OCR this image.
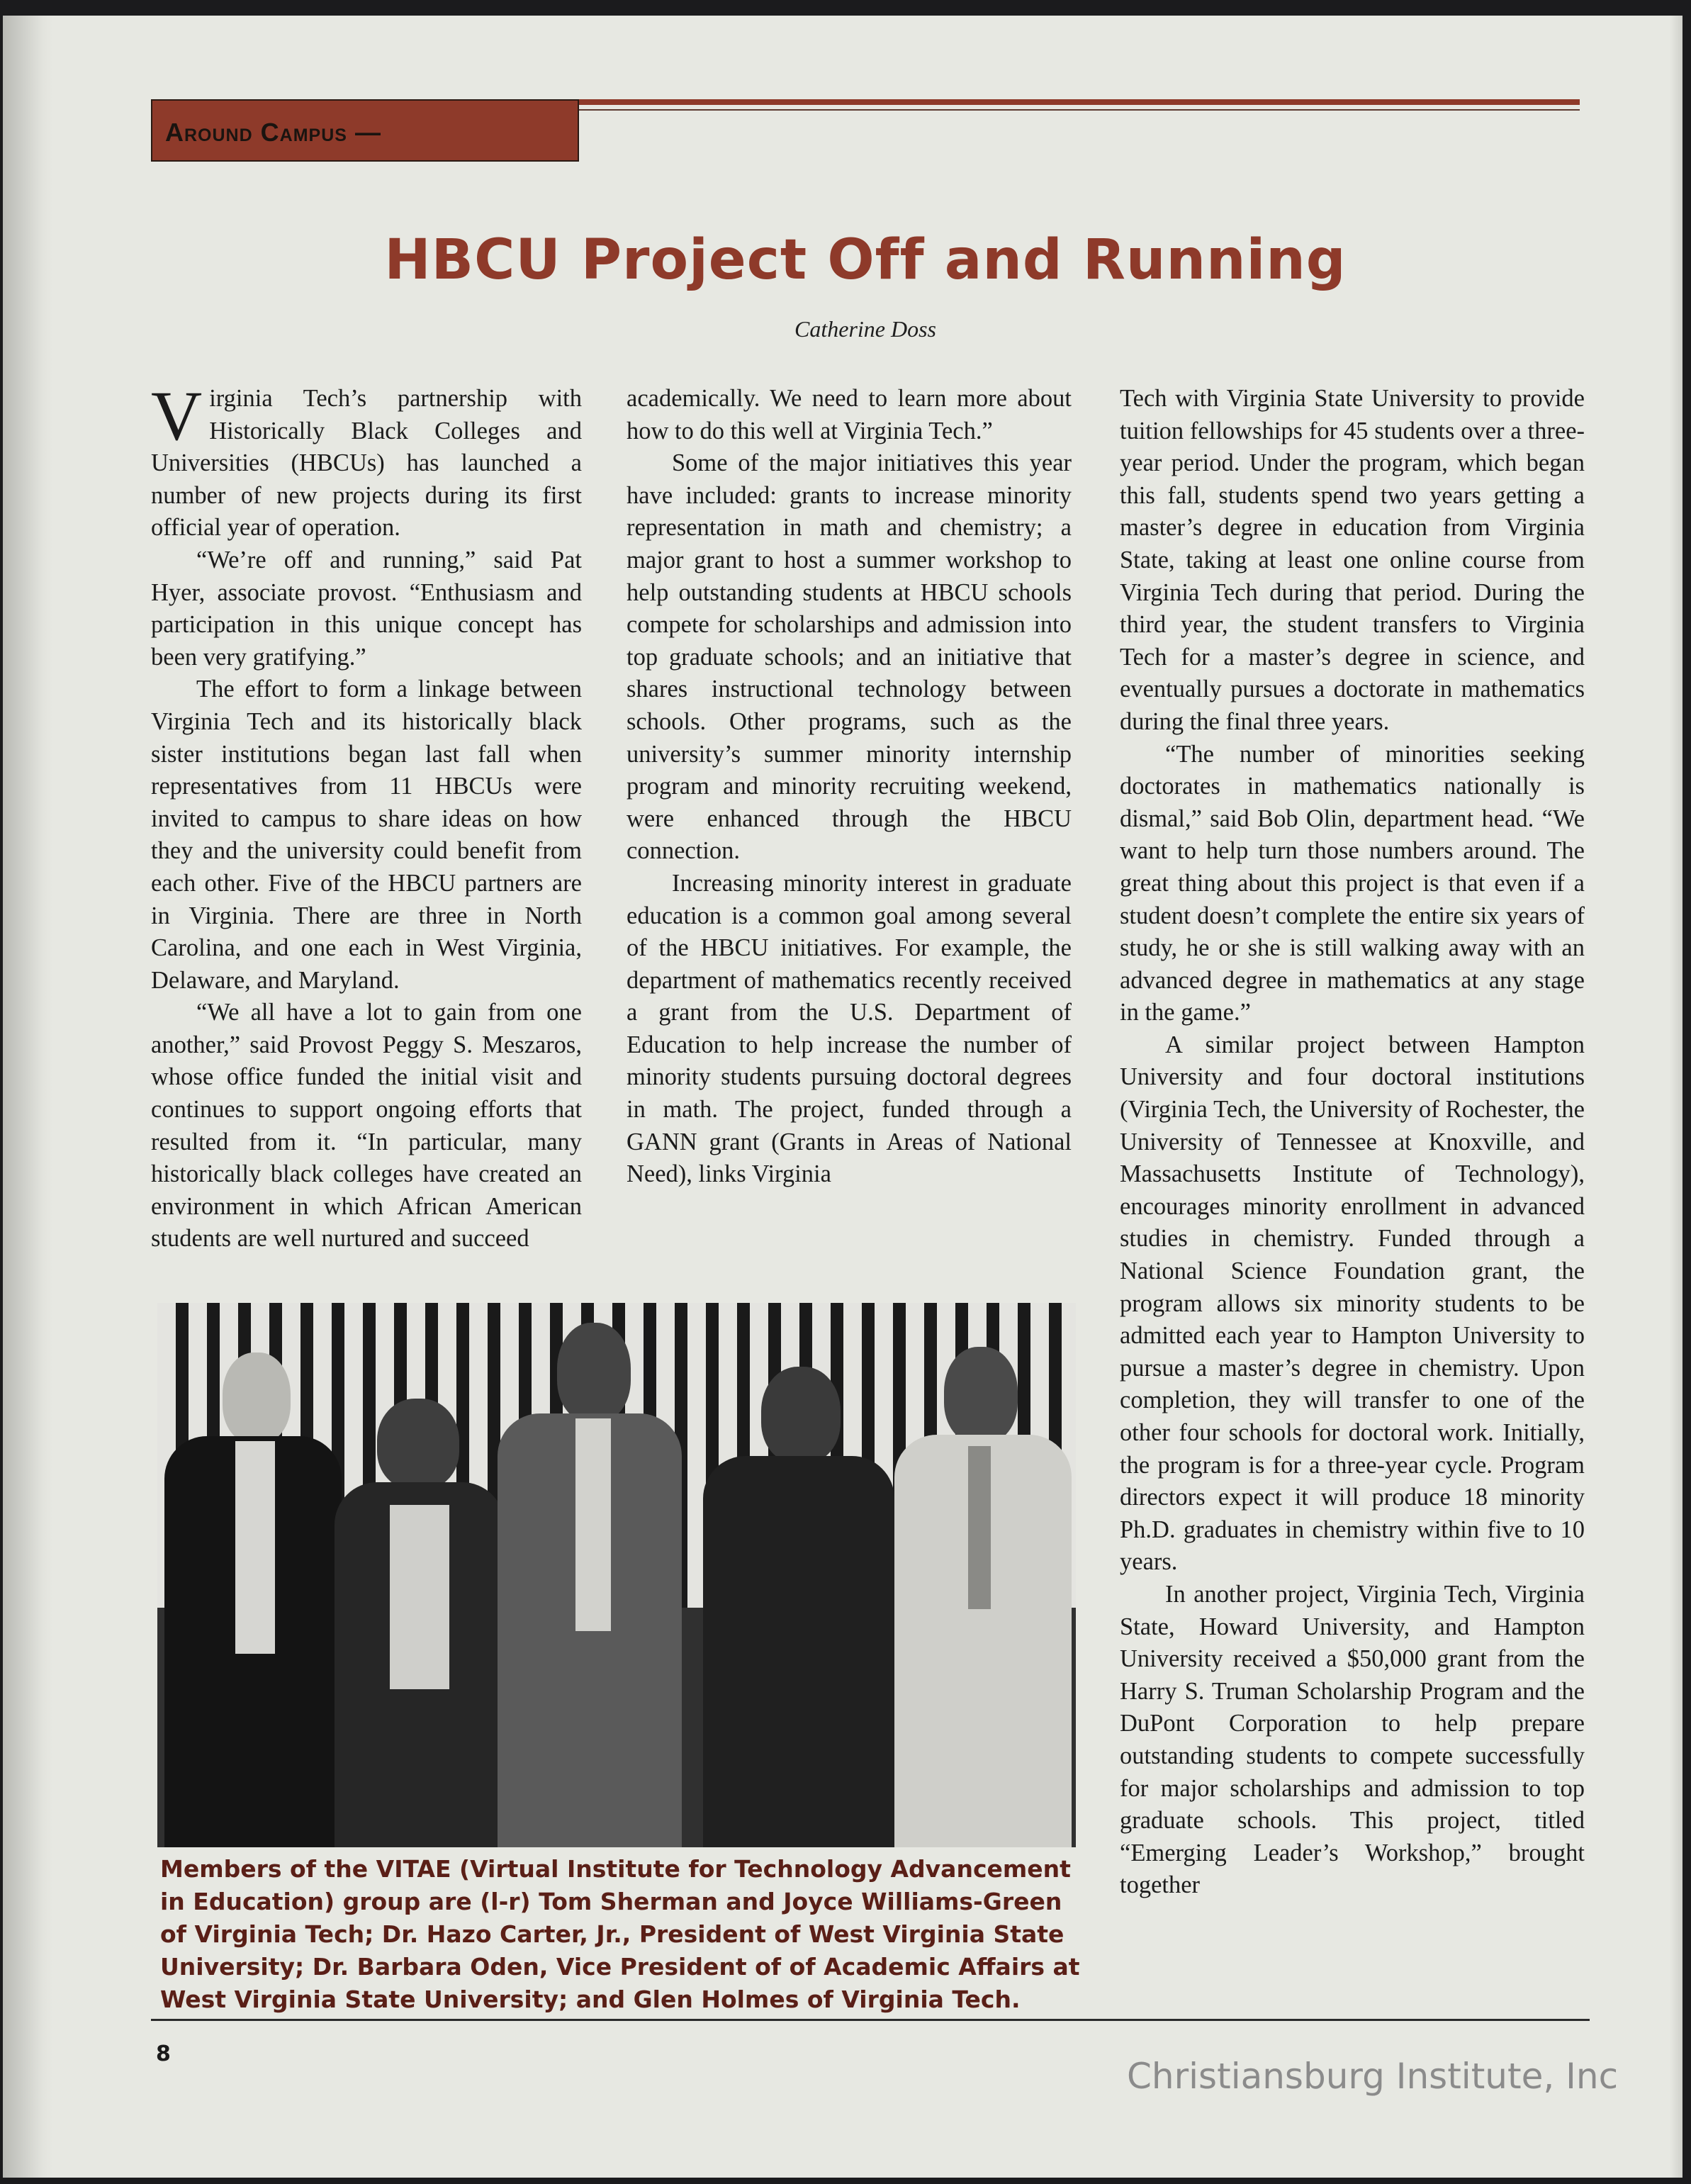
Around Campus —
HBCU Project Off and Running
Catherine Doss

Virginia Tech’s partnership with Historically Black Colleges and Universities (HBCUs) has launched a number of new projects during its first official year of operation.

“We’re off and running,” said Pat Hyer, associate provost. “Enthusiasm and participation in this unique concept has been very gratifying.”

The effort to form a linkage between Virginia Tech and its historically black sister institutions began last fall when representatives from 11 HBCUs were invited to campus to share ideas on how they and the university could benefit from each other. Five of the HBCU partners are in Virginia. There are three in North Carolina, and one each in West Virginia, Delaware, and Maryland.

“We all have a lot to gain from one another,” said Provost Peggy S. Meszaros, whose office funded the initial visit and continues to support ongoing efforts that resulted from it. “In particular, many historically black colleges have created an environment in which African American students are well nurtured and succeed

academically. We need to learn more about how to do this well at Virginia Tech.”

Some of the major initiatives this year have included: grants to increase minority representation in math and chemistry; a major grant to host a summer workshop to help outstanding students at HBCU schools compete for scholarships and admission into top graduate schools; and an initiative that shares instructional technology between schools. Other programs, such as the university’s summer minority internship program and minority recruiting weekend, were enhanced through the HBCU connection.

Increasing minority interest in graduate education is a common goal among several of the HBCU initiatives. For example, the department of mathematics recently received a grant from the U.S. Department of Education to help increase the number of minority students pursuing doctoral degrees in math. The project, funded through a GANN grant (Grants in Areas of National Need), links Virginia

Tech with Virginia State University to provide tuition fellowships for 45 students over a three-year period. Under the program, which began this fall, students spend two years getting a master’s degree in education from Virginia State, taking at least one online course from Virginia Tech during that period. During the third year, the student transfers to Virginia Tech for a master’s degree in science, and eventually pursues a doctorate in mathematics during the final three years.

“The number of minorities seeking doctorates in mathematics nationally is dismal,” said Bob Olin, department head. “We want to help turn those numbers around. The great thing about this project is that even if a student doesn’t complete the entire six years of study, he or she is still walking away with an advanced degree in mathematics at any stage in the game.”

A similar project between Hampton University and four doctoral institutions (Virginia Tech, the University of Rochester, the University of Tennessee at Knoxville, and Massachusetts Institute of Technology), encourages minority enrollment in advanced studies in chemistry. Funded through a National Science Foundation grant, the program allows six minority students to be admitted each year to Hampton University to pursue a master’s degree in chemistry. Upon completion, they will transfer to one of the other four schools for doctoral work. Initially, the program is for a three-year cycle. Program directors expect it will produce 18 minority Ph.D. graduates in chemistry within five to 10 years.

In another project, Virginia Tech, Virginia State, Howard University, and Hampton University received a $50,000 grant from the Harry S. Truman Scholarship Program and the DuPont Corporation to help prepare outstanding students to compete successfully for major scholarships and admission to top graduate schools. This project, titled “Emerging Leader’s Workshop,” brought together

Members of the VITAE (Virtual Institute for Technology Advancement in Education) group are (l-r) Tom Sherman and Joyce Williams-Green of Virginia Tech; Dr. Hazo Carter, Jr., President of West Virginia State University; Dr. Barbara Oden, Vice President of of Academic Affairs at West Virginia State University; and Glen Holmes of Virginia Tech.
8
Christiansburg Institute, Inc
